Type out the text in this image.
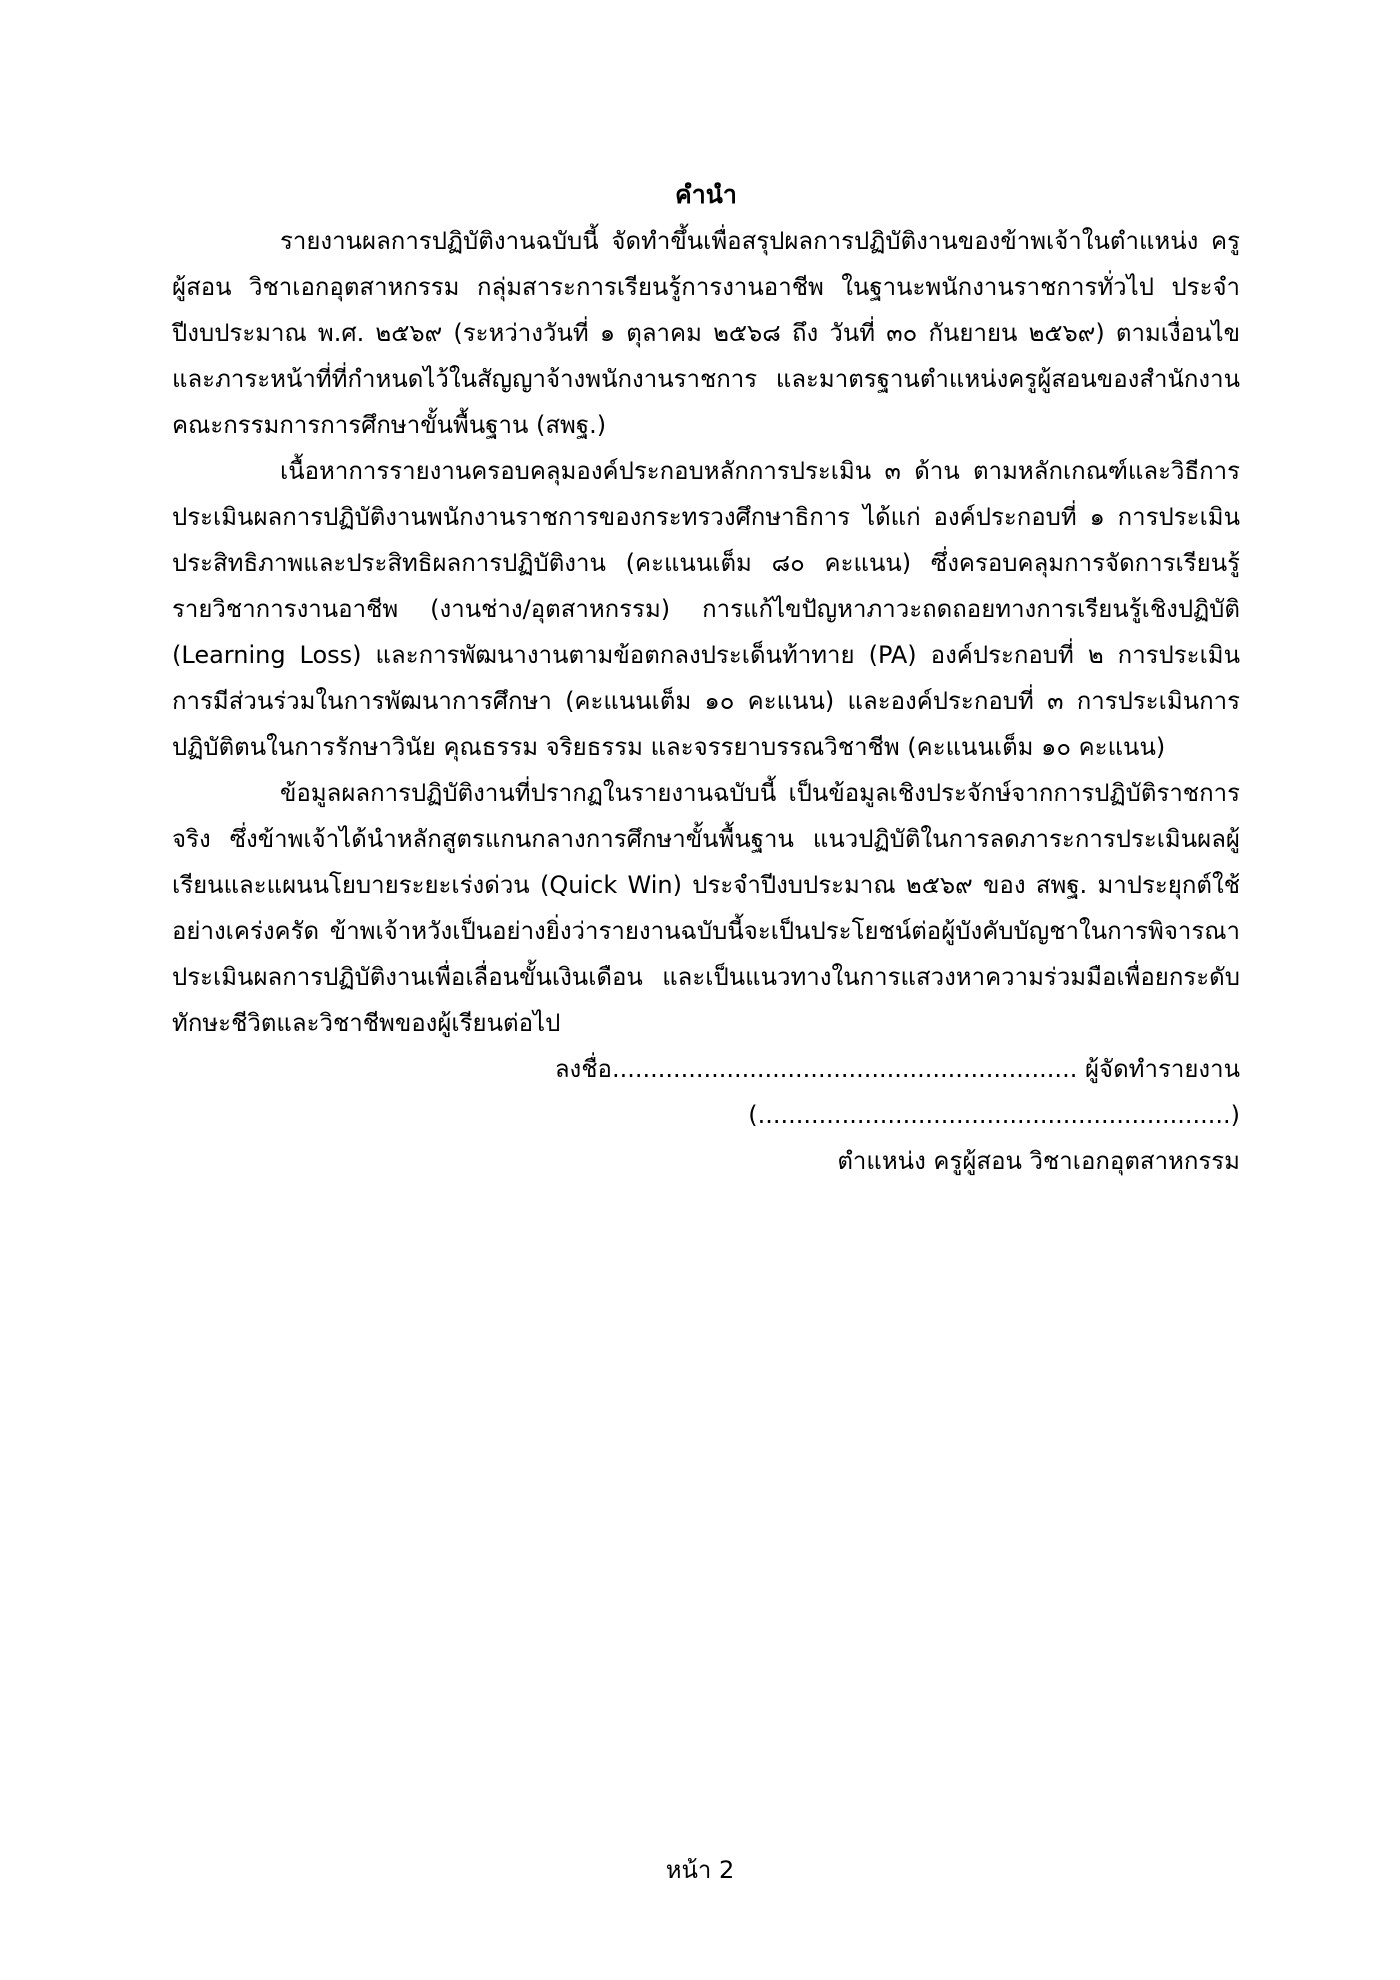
คำนำ

รายงานผลการปฏิบัติงานฉบับนี้ จัดทำขึ้นเพื่อสรุปผลการปฏิบัติงานของข้าพเจ้าในตำแหน่ง ครูผู้สอน วิชาเอกอุตสาหกรรม กลุ่มสาระการเรียนรู้การงานอาชีพ ในฐานะพนักงานราชการทั่วไป ประจำปีงบประมาณ พ.ศ. ๒๕๖๙ (ระหว่างวันที่ ๑ ตุลาคม ๒๕๖๘ ถึง วันที่ ๓๐ กันยายน ๒๕๖๙) ตามเงื่อนไขและภาระหน้าที่ที่กำหนดไว้ในสัญญาจ้างพนักงานราชการ และมาตรฐานตำแหน่งครูผู้สอนของสำนักงานคณะกรรมการการศึกษาขั้นพื้นฐาน (สพฐ.)

เนื้อหาการรายงานครอบคลุมองค์ประกอบหลักการประเมิน ๓ ด้าน ตามหลักเกณฑ์และวิธีการประเมินผลการปฏิบัติงานพนักงานราชการของกระทรวงศึกษาธิการ ได้แก่ องค์ประกอบที่ ๑ การประเมินประสิทธิภาพและประสิทธิผลการปฏิบัติงาน (คะแนนเต็ม ๘๐ คะแนน) ซึ่งครอบคลุมการจัดการเรียนรู้รายวิชาการงานอาชีพ (งานช่าง/อุตสาหกรรม) การแก้ไขปัญหาภาวะถดถอยทางการเรียนรู้เชิงปฏิบัติ (Learning Loss) และการพัฒนางานตามข้อตกลงประเด็นท้าทาย (PA) องค์ประกอบที่ ๒ การประเมินการมีส่วนร่วมในการพัฒนาการศึกษา (คะแนนเต็ม ๑๐ คะแนน) และองค์ประกอบที่ ๓ การประเมินการปฏิบัติตนในการรักษาวินัย คุณธรรม จริยธรรม และจรรยาบรรณวิชาชีพ (คะแนนเต็ม ๑๐ คะแนน)

ข้อมูลผลการปฏิบัติงานที่ปรากฏในรายงานฉบับนี้ เป็นข้อมูลเชิงประจักษ์จากการปฏิบัติราชการจริง ซึ่งข้าพเจ้าได้นำหลักสูตรแกนกลางการศึกษาขั้นพื้นฐาน แนวปฏิบัติในการลดภาระการประเมินผลผู้เรียนและแผนนโยบายระยะเร่งด่วน (Quick Win) ประจำปีงบประมาณ ๒๕๖๙ ของ สพฐ. มาประยุกต์ใช้อย่างเคร่งครัด ข้าพเจ้าหวังเป็นอย่างยิ่งว่ารายงานฉบับนี้จะเป็นประโยชน์ต่อผู้บังคับบัญชาในการพิจารณาประเมินผลการปฏิบัติงานเพื่อเลื่อนขั้นเงินเดือน และเป็นแนวทางในการแสวงหาความร่วมมือเพื่อยกระดับทักษะชีวิตและวิชาชีพของผู้เรียนต่อไป

ลงชื่อ............................................................. ผู้จัดทำรายงาน
(..............................................................)
ตำแหน่ง ครูผู้สอน วิชาเอกอุตสาหกรรม
หน้า 2
